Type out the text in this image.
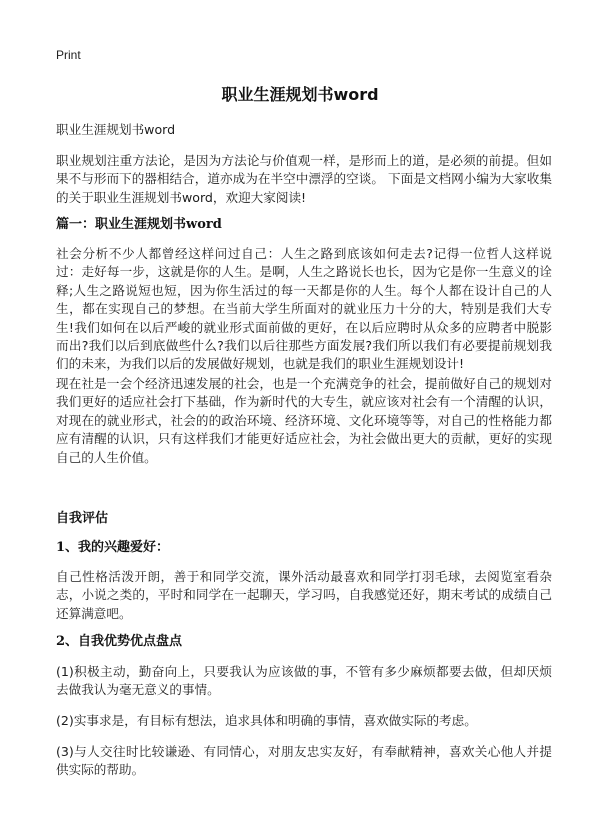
Print
职业生涯规划书word
职业生涯规划书word
职业规划注重方法论，是因为方法论与价值观一样，是形而上的道，是必须的前提。但如果不与形而下的器相结合，道亦成为在半空中漂浮的空谈。 下面是文档网小编为大家收集的关于职业生涯规划书word，欢迎大家阅读!
篇一：职业生涯规划书word
社会分析不少人都曾经这样问过自己：人生之路到底该如何走去?记得一位哲人这样说过：走好每一步，这就是你的人生。是啊，人生之路说长也长，因为它是你一生意义的诠释;人生之路说短也短，因为你生活过的每一天都是你的人生。每个人都在设计自己的人生，都在实现自己的梦想。在当前大学生所面对的就业压力十分的大，特别是我们大专生!我们如何在以后严峻的就业形式面前做的更好，在以后应聘时从众多的应聘者中脱影而出?我们以后到底做些什么?我们以后往那些方面发展?我们所以我们有必要提前规划我们的未来，为我们以后的发展做好规划，也就是我们的职业生涯规划设计!
现在社是一会个经济迅速发展的社会，也是一个充满竞争的社会，提前做好自己的规划对我们更好的适应社会打下基础，作为新时代的大专生，就应该对社会有一个清醒的认识，对现在的就业形式，社会的的政治环境、经济环境、文化环境等等，对自己的性格能力都应有清醒的认识，只有这样我们才能更好适应社会，为社会做出更大的贡献，更好的实现自己的人生价值。
自我评估
1、我的兴趣爱好：
自己性格活泼开朗，善于和同学交流，课外活动最喜欢和同学打羽毛球，去阅览室看杂志，小说之类的，平时和同学在一起聊天，学习吗，自我感觉还好，期末考试的成绩自己还算满意吧。
2、自我优势优点盘点
(1)积极主动，勤奋向上，只要我认为应该做的事，不管有多少麻烦都要去做，但却厌烦去做我认为毫无意义的事情。
(2)实事求是，有目标有想法，追求具体和明确的事情，喜欢做实际的考虑。
(3)与人交往时比较谦逊、有同情心，对朋友忠实友好，有奉献精神，喜欢关心他人并提供实际的帮助。
